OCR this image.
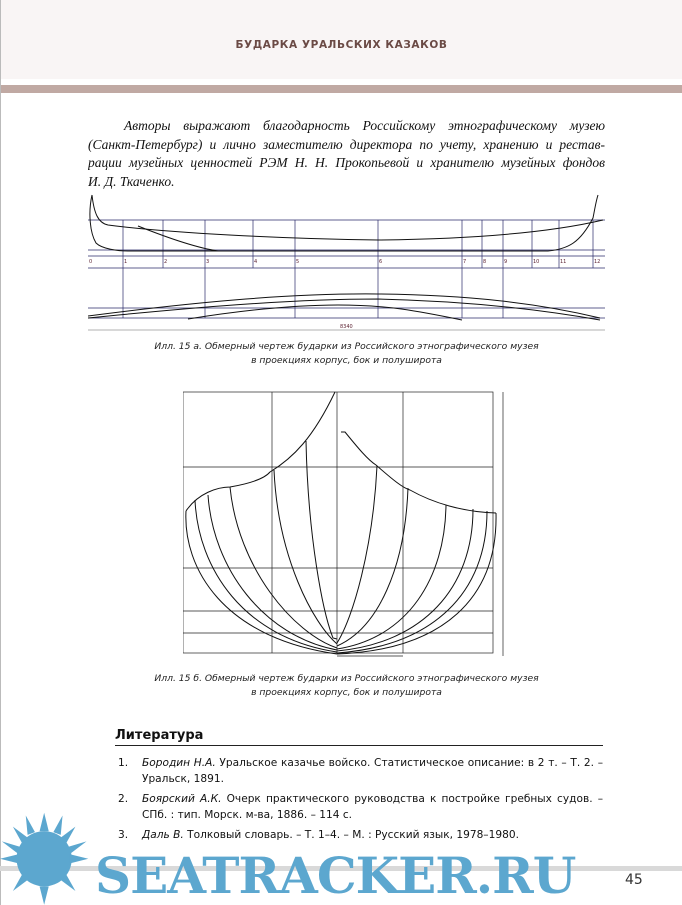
БУДАРКА УРАЛЬСКИХ КАЗАКОВ
Авторы выражают благодарность Российскому этнографическому музею
(Санкт-Петербург) и лично заместителю директора по учету, хранению и рестав-
рации музейных ценностей РЭМ Н. Н. Прокопьевой и хранителю музейных фондов
И. Д. Ткаченко.
0	1	2	3	4	5	6	7	8	9	10	11	12
8340
Илл. 15 а. Обмерный чертеж бударки из Российского этнографического музея
в проекциях корпус, бок и полуширота
Илл. 15 б. Обмерный чертеж бударки из Российского этнографического музея
в проекциях корпус, бок и полуширота
Литература
1. Бородин Н.А. Уральское казачье войско. Статистическое описание: в 2 т. – Т. 2. – Уральск, 1891.
2. Боярский А.К. Очерк практического руководства к постройке гребных судов. – СПб. : тип. Морск. м-ва, 1886. – 114 с.
3. Даль В. Толковый словарь. – Т. 1–4. – М. : Русский язык, 1978–1980.
SEATRACKER.RU	45
